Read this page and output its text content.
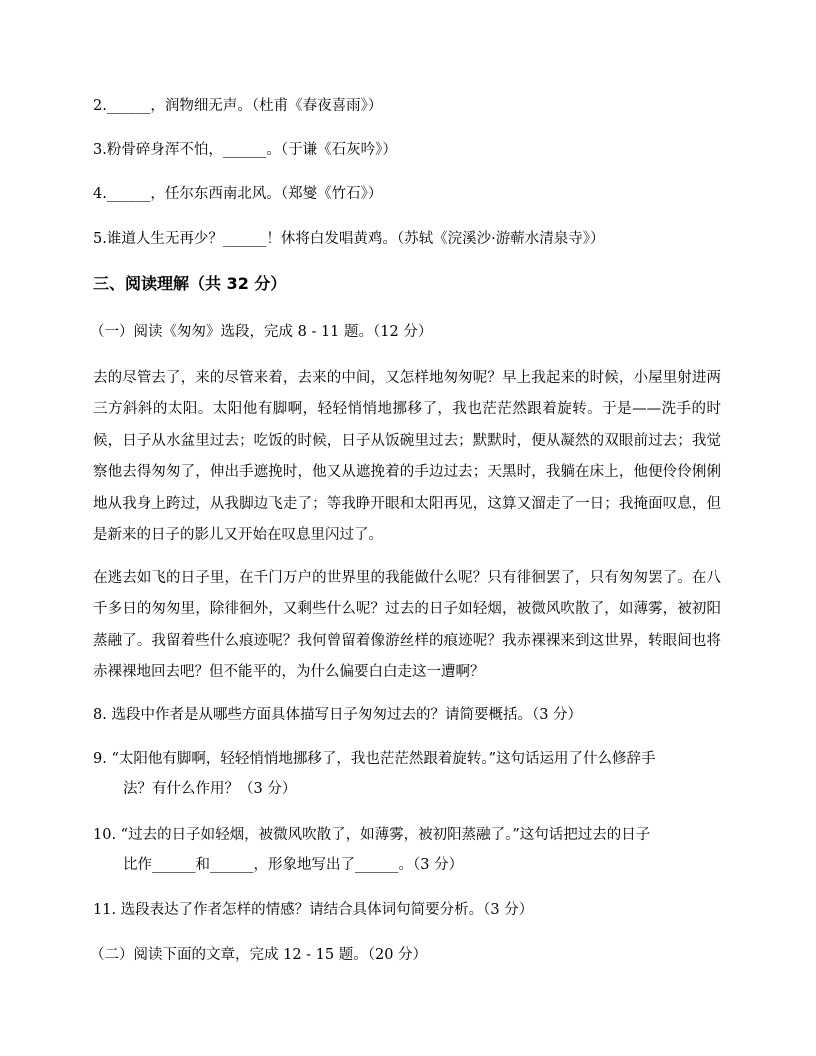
2.______，润物细无声。（杜甫《春夜喜雨》）
3.粉骨碎身浑不怕，______。（于谦《石灰吟》）
4.______，任尔东西南北风。（郑燮《竹石》）
5.谁道人生无再少？______！休将白发唱黄鸡。（苏轼《浣溪沙·游蕲水清泉寺》）
三、阅读理解（共 32 分）
（一）阅读《匆匆》选段，完成 8 - 11 题。（12 分）
去的尽管去了，来的尽管来着，去来的中间，又怎样地匆匆呢？早上我起来的时候，小屋里射进两三方斜斜的太阳。太阳他有脚啊，轻轻悄悄地挪移了，我也茫茫然跟着旋转。于是——洗手的时候，日子从水盆里过去；吃饭的时候，日子从饭碗里过去；默默时，便从凝然的双眼前过去；我觉察他去得匆匆了，伸出手遮挽时，他又从遮挽着的手边过去；天黑时，我躺在床上，他便伶伶俐俐地从我身上跨过，从我脚边飞走了；等我睁开眼和太阳再见，这算又溜走了一日；我掩面叹息，但是新来的日子的影儿又开始在叹息里闪过了。
在逃去如飞的日子里，在千门万户的世界里的我能做什么呢？只有徘徊罢了，只有匆匆罢了。在八千多日的匆匆里，除徘徊外，又剩些什么呢？过去的日子如轻烟，被微风吹散了，如薄雾，被初阳蒸融了。我留着些什么痕迹呢？我何曾留着像游丝样的痕迹呢？我赤裸裸来到这世界，转眼间也将赤裸裸地回去吧？但不能平的，为什么偏要白白走这一遭啊？
8. 选段中作者是从哪些方面具体描写日子匆匆过去的？请简要概括。（3 分）
9. “太阳他有脚啊，轻轻悄悄地挪移了，我也茫茫然跟着旋转。”这句话运用了什么修辞手
法？有什么作用？（3 分）
10. “过去的日子如轻烟，被微风吹散了，如薄雾，被初阳蒸融了。”这句话把过去的日子
比作______和______，形象地写出了______。（3 分）
11. 选段表达了作者怎样的情感？请结合具体词句简要分析。（3 分）
（二）阅读下面的文章，完成 12 - 15 题。（20 分）
